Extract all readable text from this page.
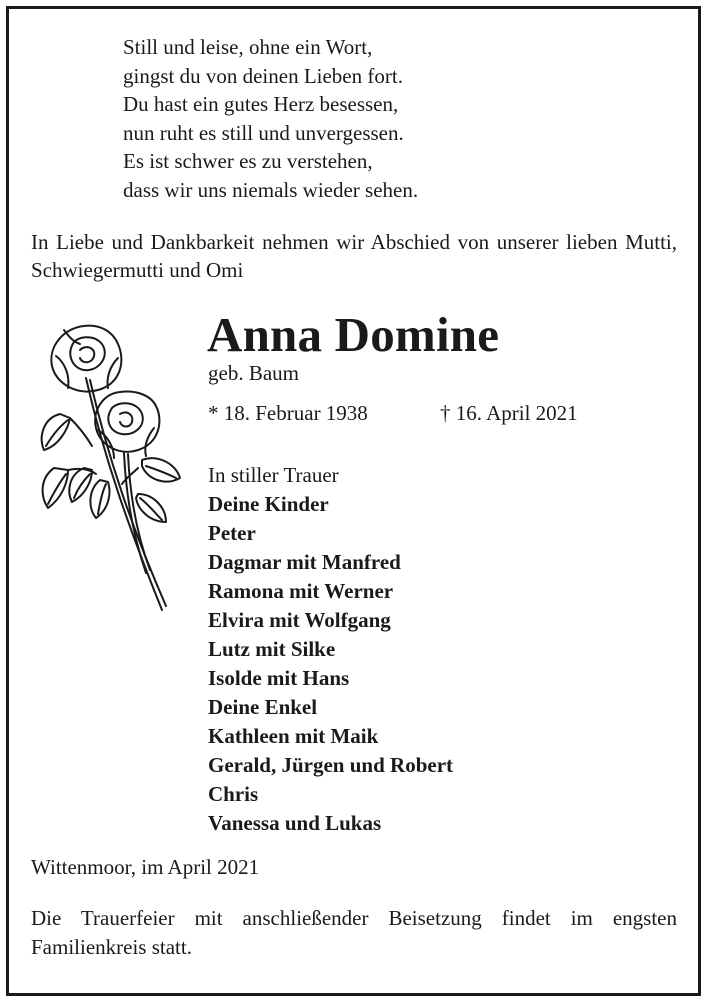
Still und leise, ohne ein Wort,
gingst du von deinen Lieben fort.
Du hast ein gutes Herz besessen,
nun ruht es still und unvergessen.
Es ist schwer es zu verstehen,
dass wir uns niemals wieder sehen.
In Liebe und Dankbarkeit nehmen wir Abschied von unserer lieben Mutti, Schwiegermutti und Omi
Anna Domine
geb. Baum
* 18. Februar 1938	† 16. April 2021
In stiller Trauer
Deine Kinder
Peter
Dagmar mit Manfred
Ramona mit Werner
Elvira mit Wolfgang
Lutz mit Silke
Isolde mit Hans
Deine Enkel
Kathleen mit Maik
Gerald, Jürgen und Robert
Chris
Vanessa und Lukas
Wittenmoor, im April 2021
Die Trauerfeier mit anschließender Beisetzung findet im engsten Familienkreis statt.
